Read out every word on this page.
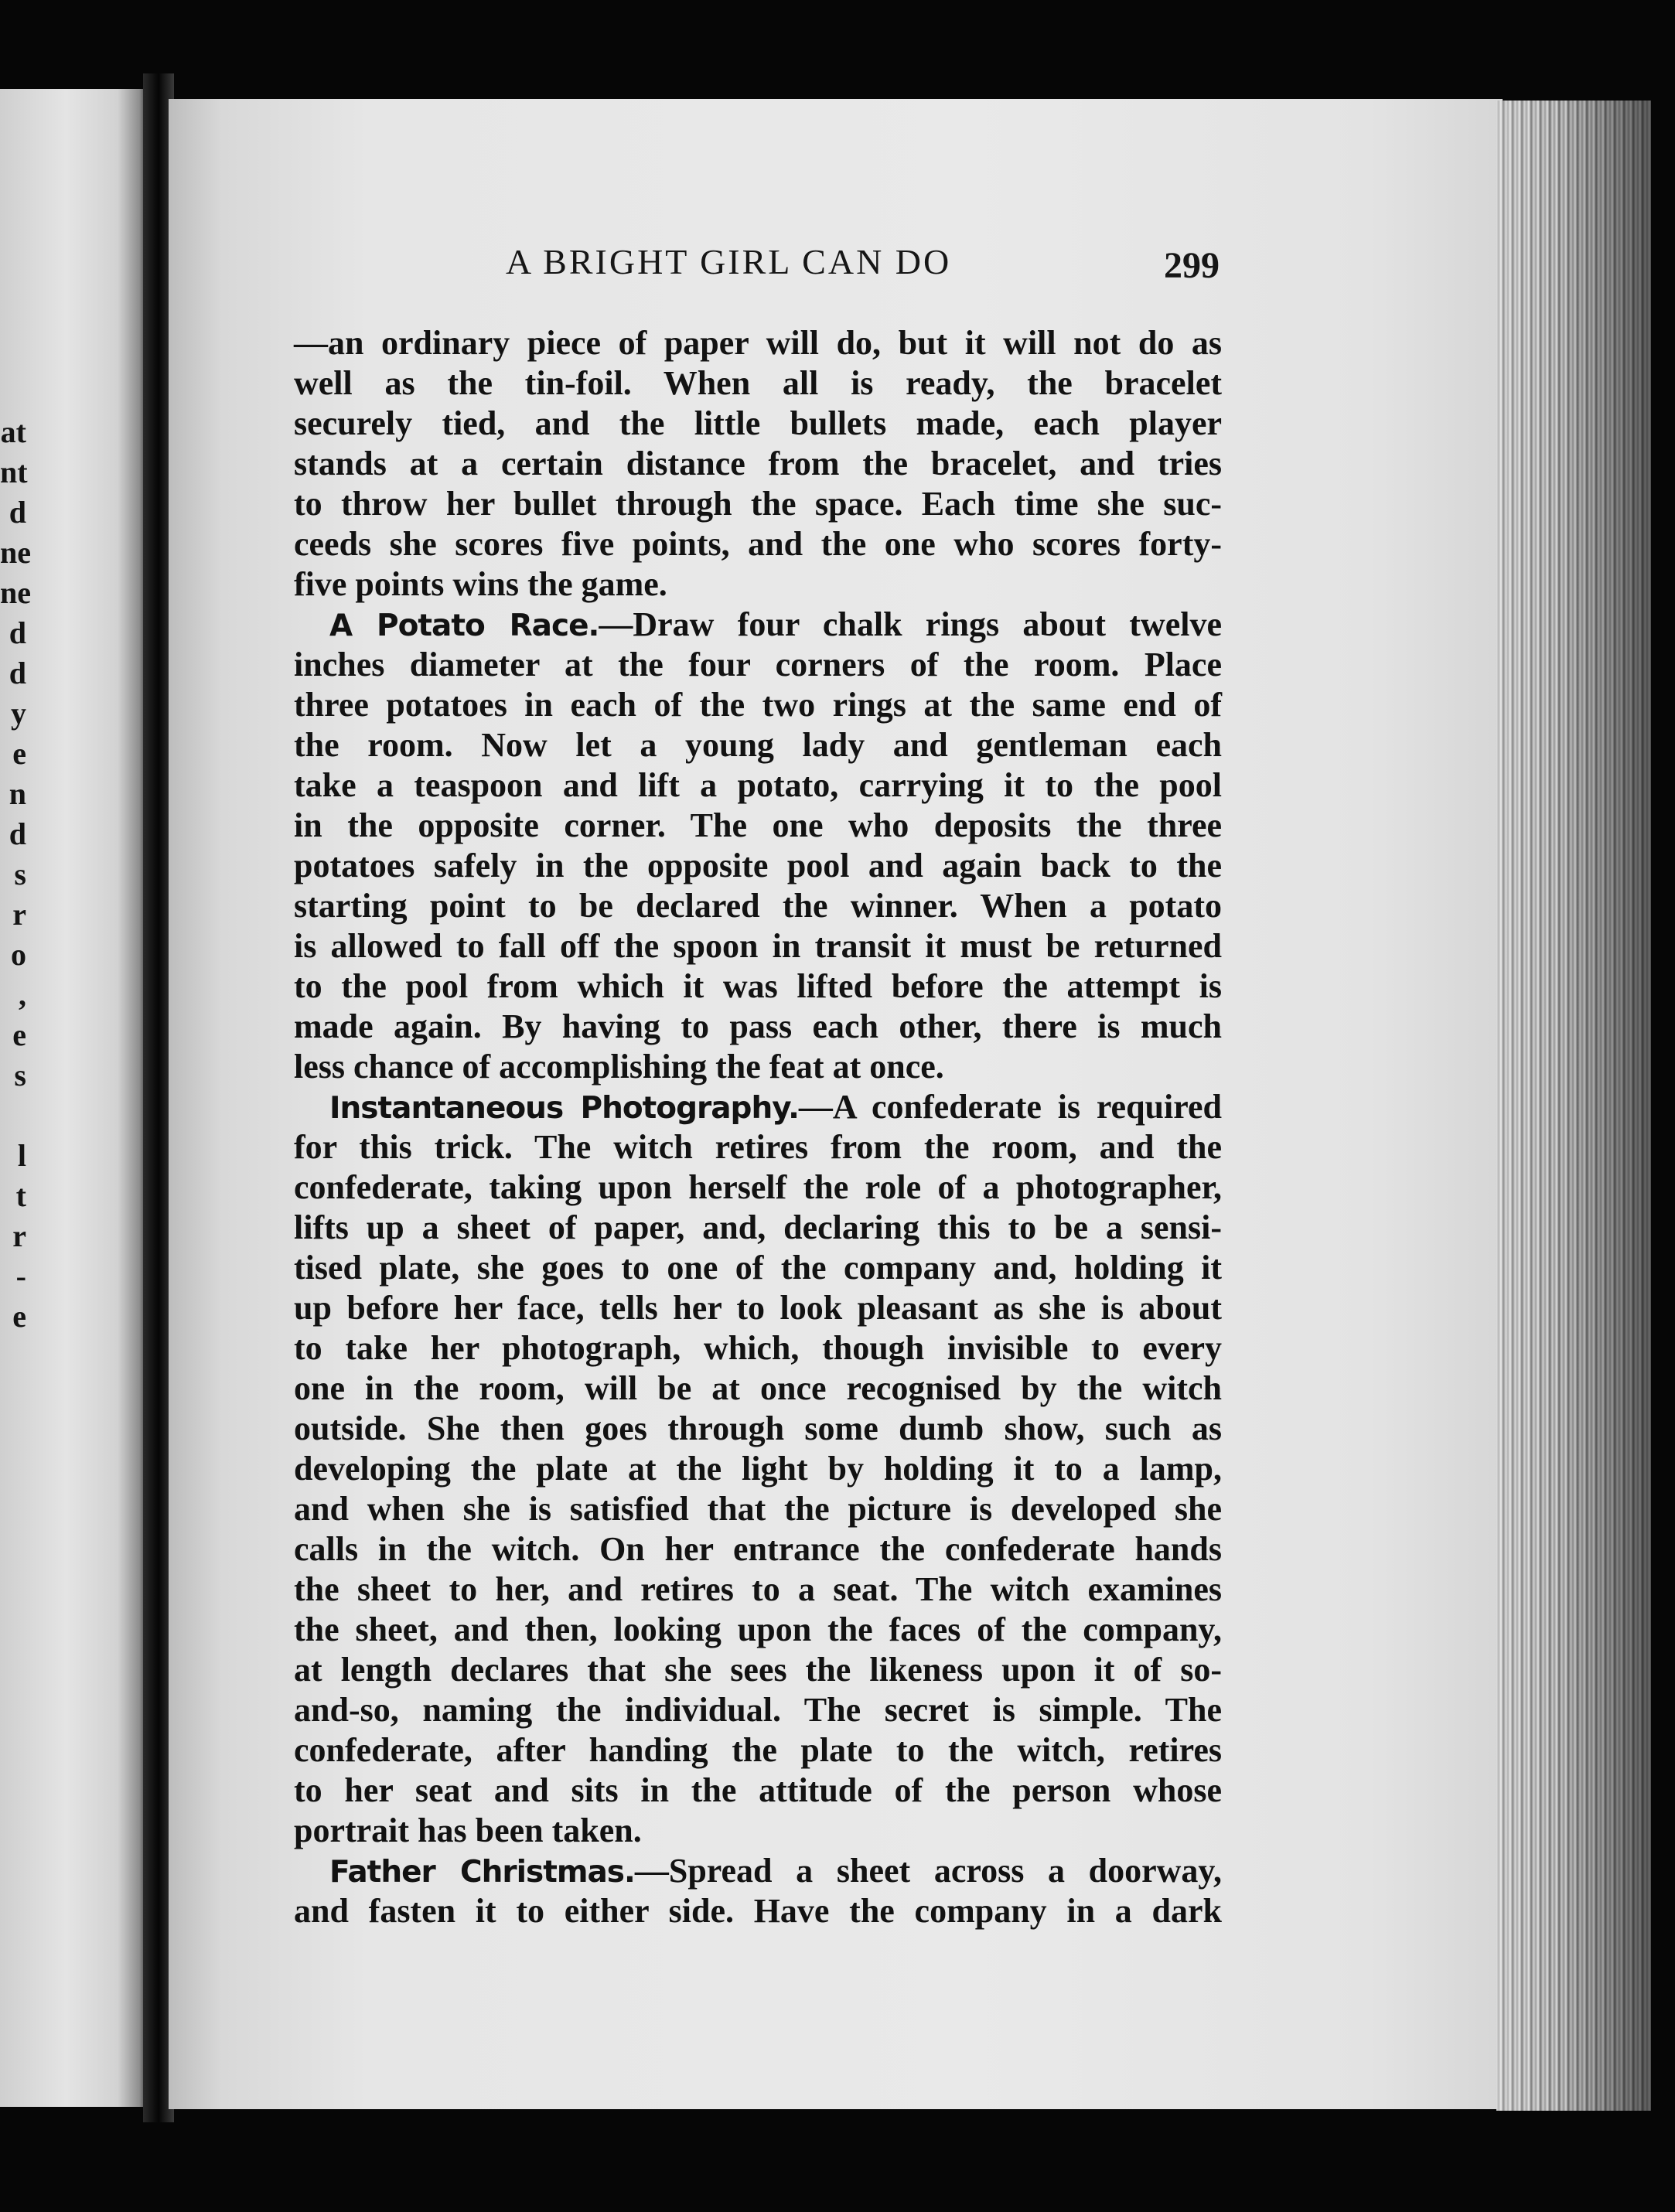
at
nt
d
ne
ne
d
d
y
e
n
d
s
r
o
,
e
s
l
t
r
-
e
A BRIGHT GIRL CAN DO	299
—an ordinary piece of paper will do, but it will not do as
well as the tin-foil. When all is ready, the bracelet
securely tied, and the little bullets made, each player
stands at a certain distance from the bracelet, and tries
to throw her bullet through the space. Each time she suc-
ceeds she scores five points, and the one who scores forty-
five points wins the game.
A Potato Race.—Draw four chalk rings about twelve
inches diameter at the four corners of the room. Place
three potatoes in each of the two rings at the same end of
the room. Now let a young lady and gentleman each
take a teaspoon and lift a potato, carrying it to the pool
in the opposite corner. The one who deposits the three
potatoes safely in the opposite pool and again back to the
starting point to be declared the winner. When a potato
is allowed to fall off the spoon in transit it must be returned
to the pool from which it was lifted before the attempt is
made again. By having to pass each other, there is much
less chance of accomplishing the feat at once.
Instantaneous Photography.—A confederate is required
for this trick. The witch retires from the room, and the
confederate, taking upon herself the role of a photographer,
lifts up a sheet of paper, and, declaring this to be a sensi-
tised plate, she goes to one of the company and, holding it
up before her face, tells her to look pleasant as she is about
to take her photograph, which, though invisible to every
one in the room, will be at once recognised by the witch
outside. She then goes through some dumb show, such as
developing the plate at the light by holding it to a lamp,
and when she is satisfied that the picture is developed she
calls in the witch. On her entrance the confederate hands
the sheet to her, and retires to a seat. The witch examines
the sheet, and then, looking upon the faces of the company,
at length declares that she sees the likeness upon it of so-
and-so, naming the individual. The secret is simple. The
confederate, after handing the plate to the witch, retires
to her seat and sits in the attitude of the person whose
portrait has been taken.
Father Christmas.—Spread a sheet across a doorway,
and fasten it to either side. Have the company in a dark
